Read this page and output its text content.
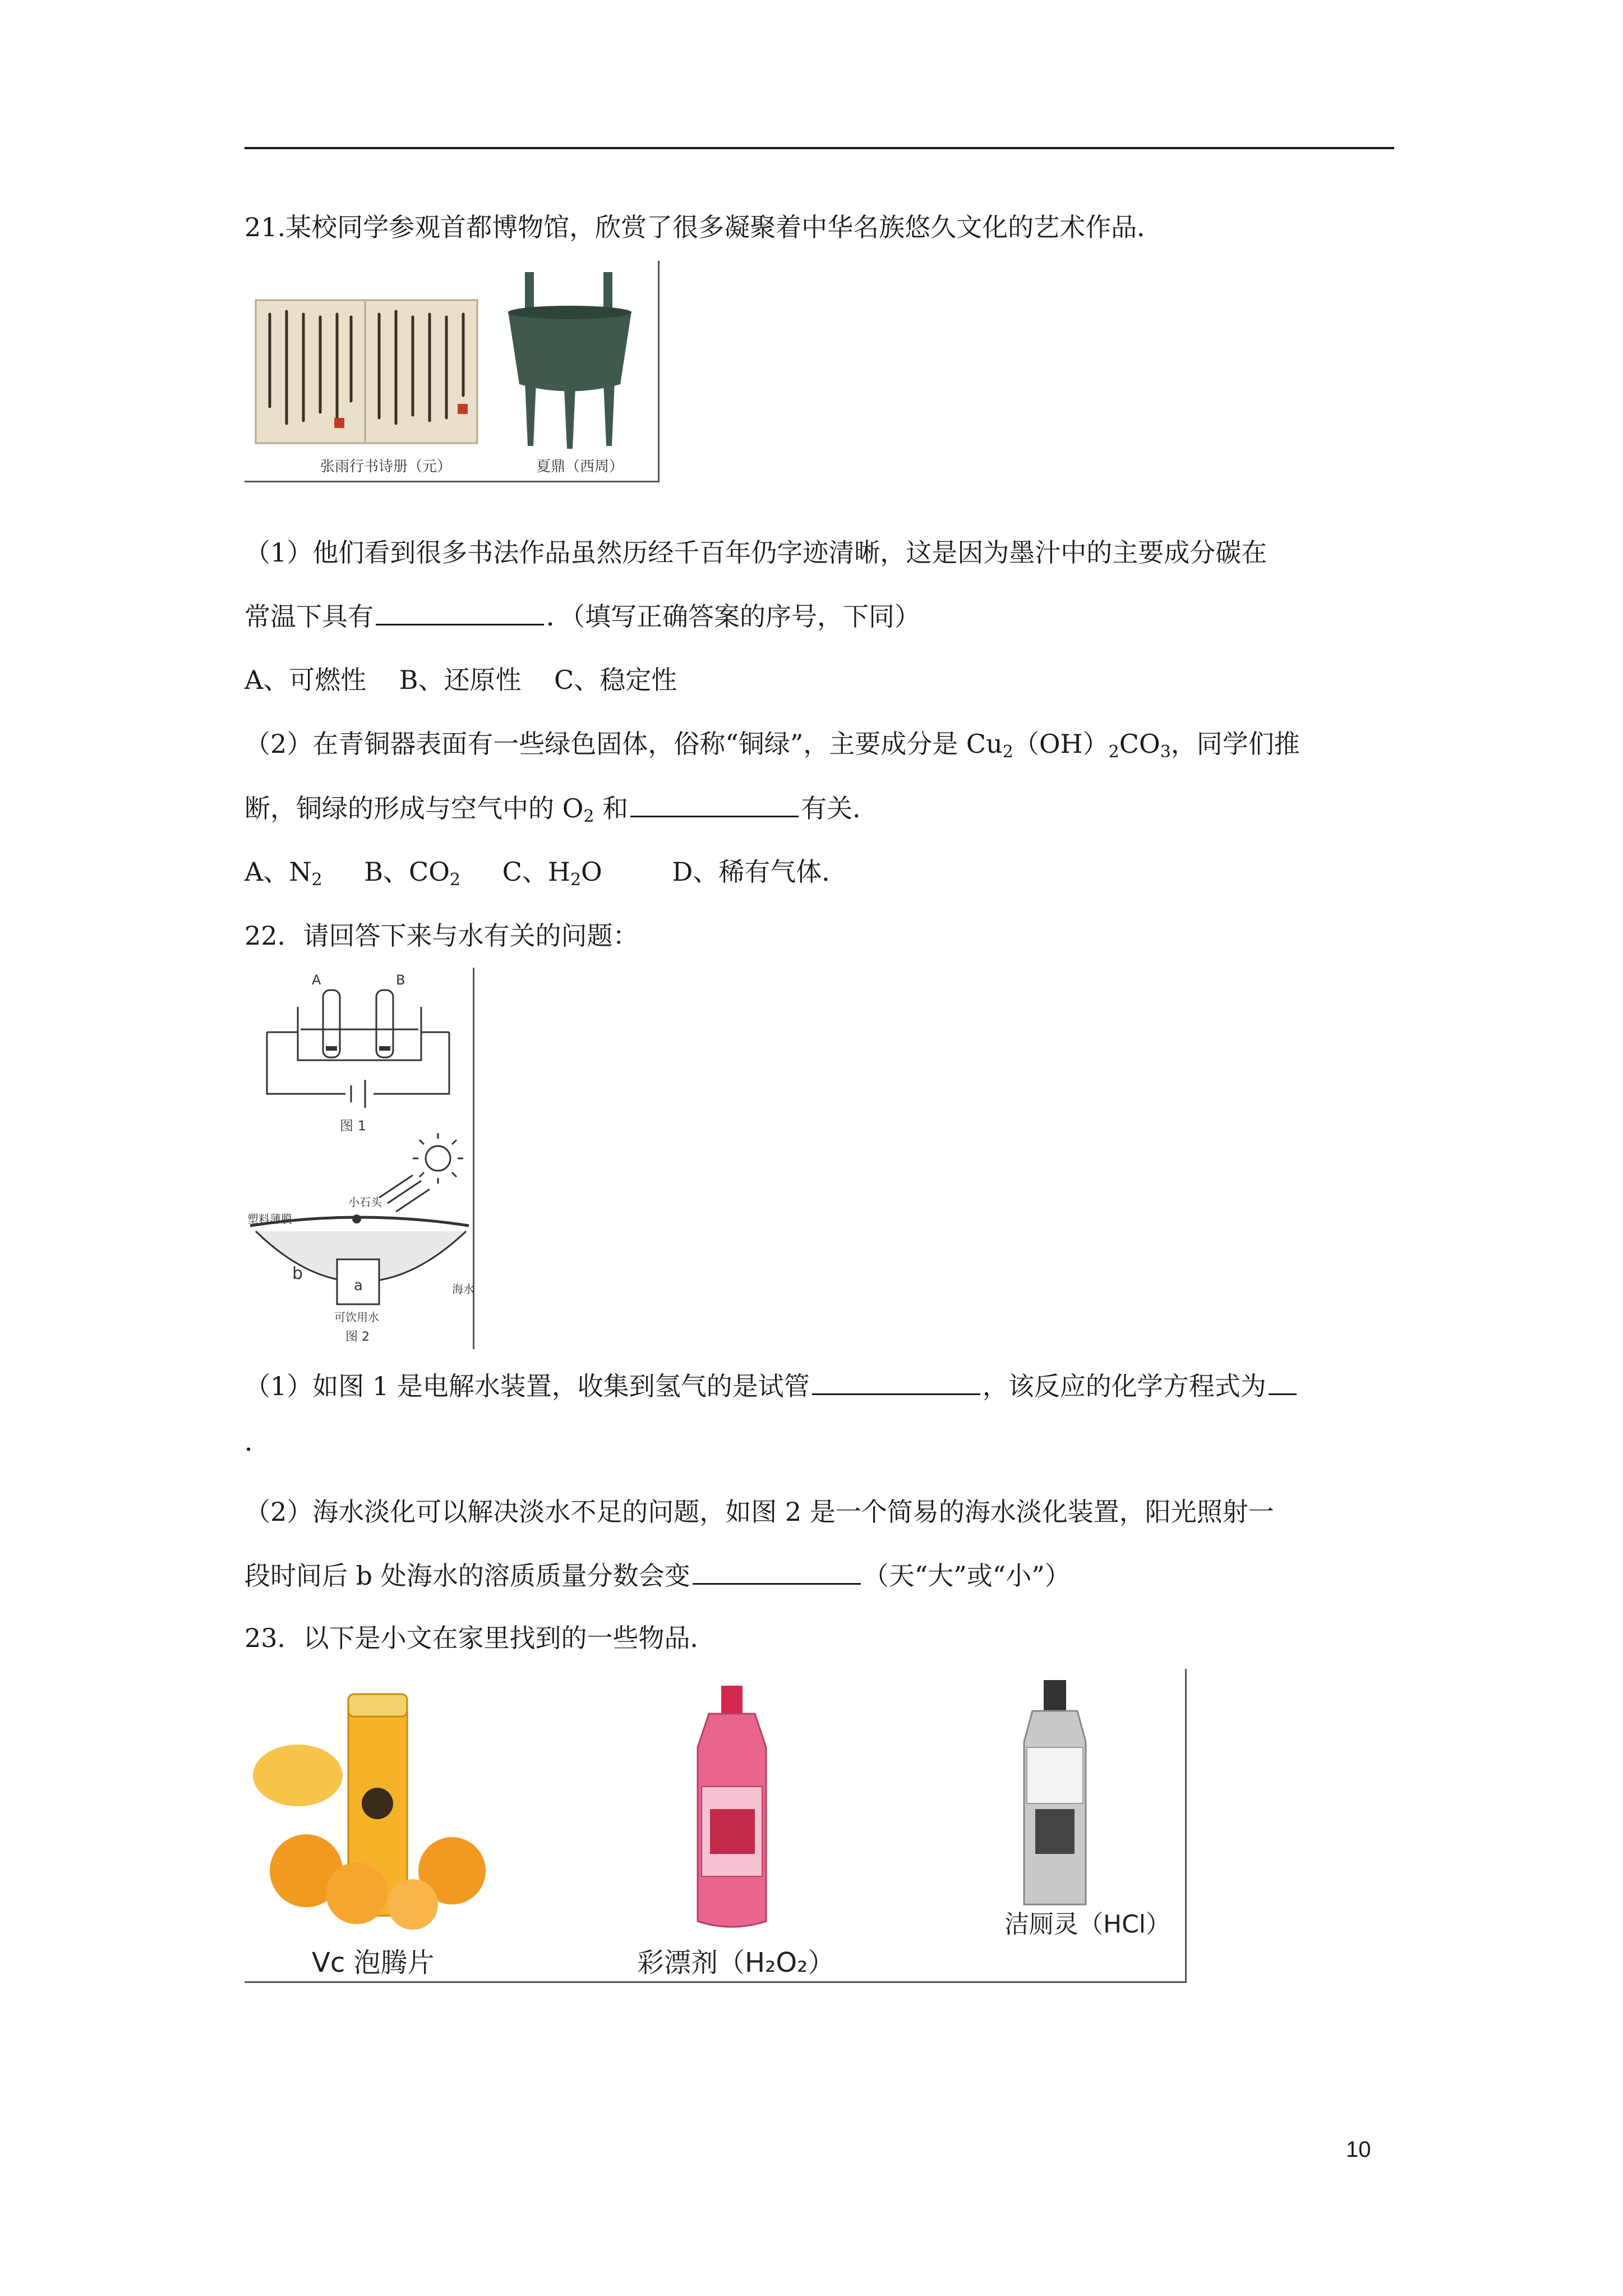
21.某校同学参观首都博物馆，欣赏了很多凝聚着中华名族悠久文化的艺术作品．
张雨行书诗册（元）	夏鼎（西周）
（1）他们看到很多书法作品虽然历经千百年仍字迹清晰，这是因为墨汁中的主要成分碳在
常温下具有	．（填写正确答案的序号，下同）
A、可燃性    B、还原性    C、稳定性
（2）在青铜器表面有一些绿色固体，俗称“铜绿”，主要成分是 $Cu_2(OH)_2CO_3$，同学们推
断，铜绿的形成与空气中的 $O_2$ 和	有关．
A、$N_2$ B、$CO_2$ C、$H_2O$	D、稀有气体．
22．请回答下来与水有关的问题：
A	B
图 1
塑料薄膜
小石头
b
a
可饮用水
海水
图 2
（1）如图 1 是电解水装置，收集到氢气的是试管	，该反应的化学方程式为
．
（2）海水淡化可以解决淡水不足的问题，如图 2 是一个简易的海水淡化装置，阳光照射一
段时间后 b 处海水的溶质质量分数会变	（天“大”或“小”）
23．以下是小文在家里找到的一些物品．
Vc 泡腾片	彩漂剂（H₂O₂）
洁厕灵（HCl）
10
